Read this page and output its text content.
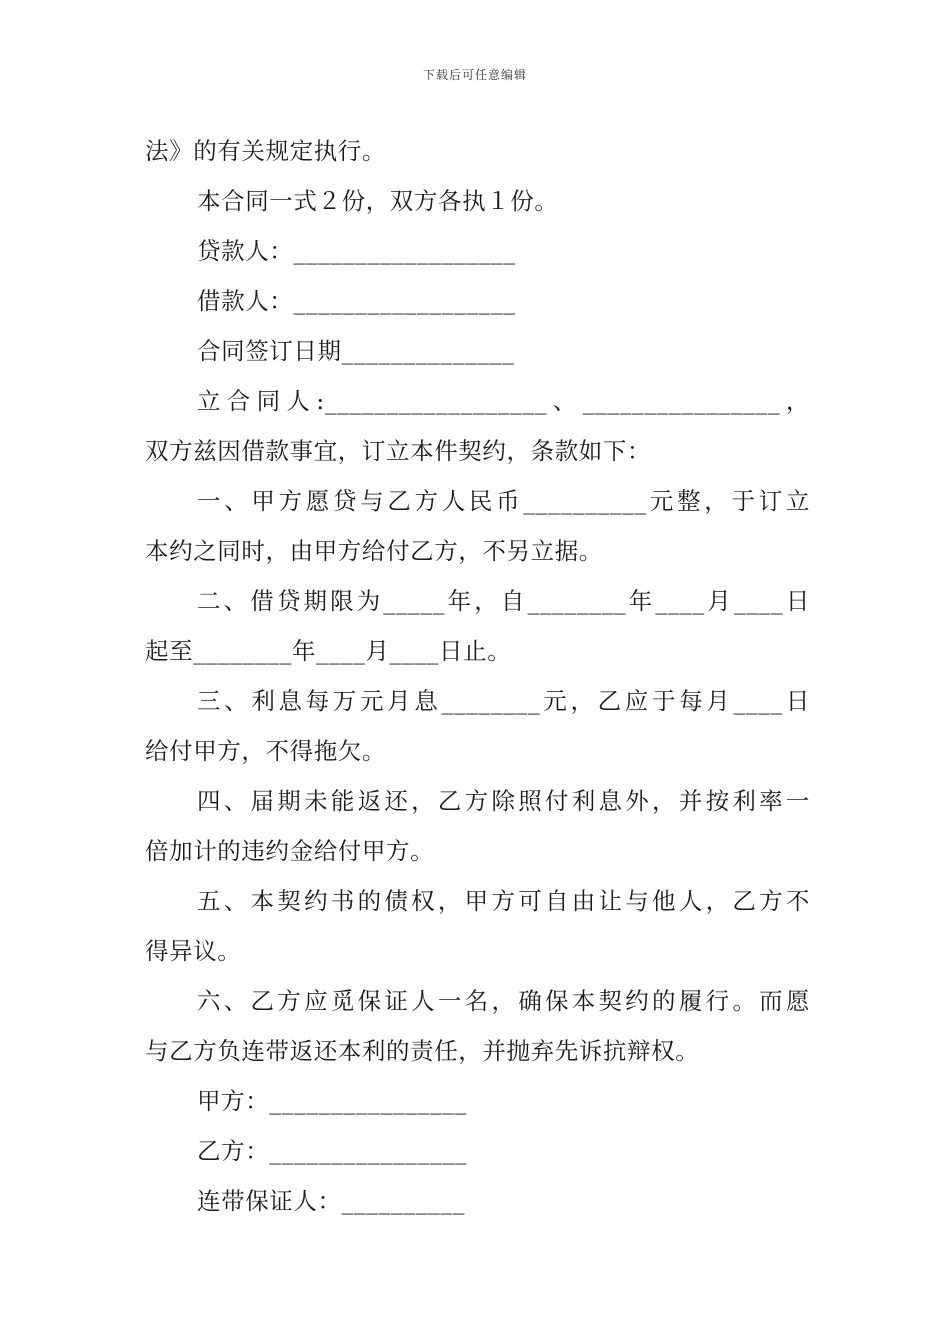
下载后可任意编辑
法》的有关规定执行。
本合同一式２份，双方各执１份。
贷款人：__________________
借款人：__________________
合同签订日期______________
立合同人:__________________、________________，
双方兹因借款事宜，订立本件契约，条款如下：
一、甲方愿贷与乙方人民币__________元整，于订立
本约之同时，由甲方给付乙方，不另立据。
二、借贷期限为_____年，自________年____月____日
起至________年____月____日止。
三、利息每万元月息________元，乙应于每月____日
给付甲方，不得拖欠。
四、届期未能返还，乙方除照付利息外，并按利率一
倍加计的违约金给付甲方。
五、本契约书的债权，甲方可自由让与他人，乙方不
得异议。
六、乙方应觅保证人一名，确保本契约的履行。而愿
与乙方负连带返还本利的责任，并抛弃先诉抗辩权。
甲方：________________
乙方：________________
连带保证人：__________
